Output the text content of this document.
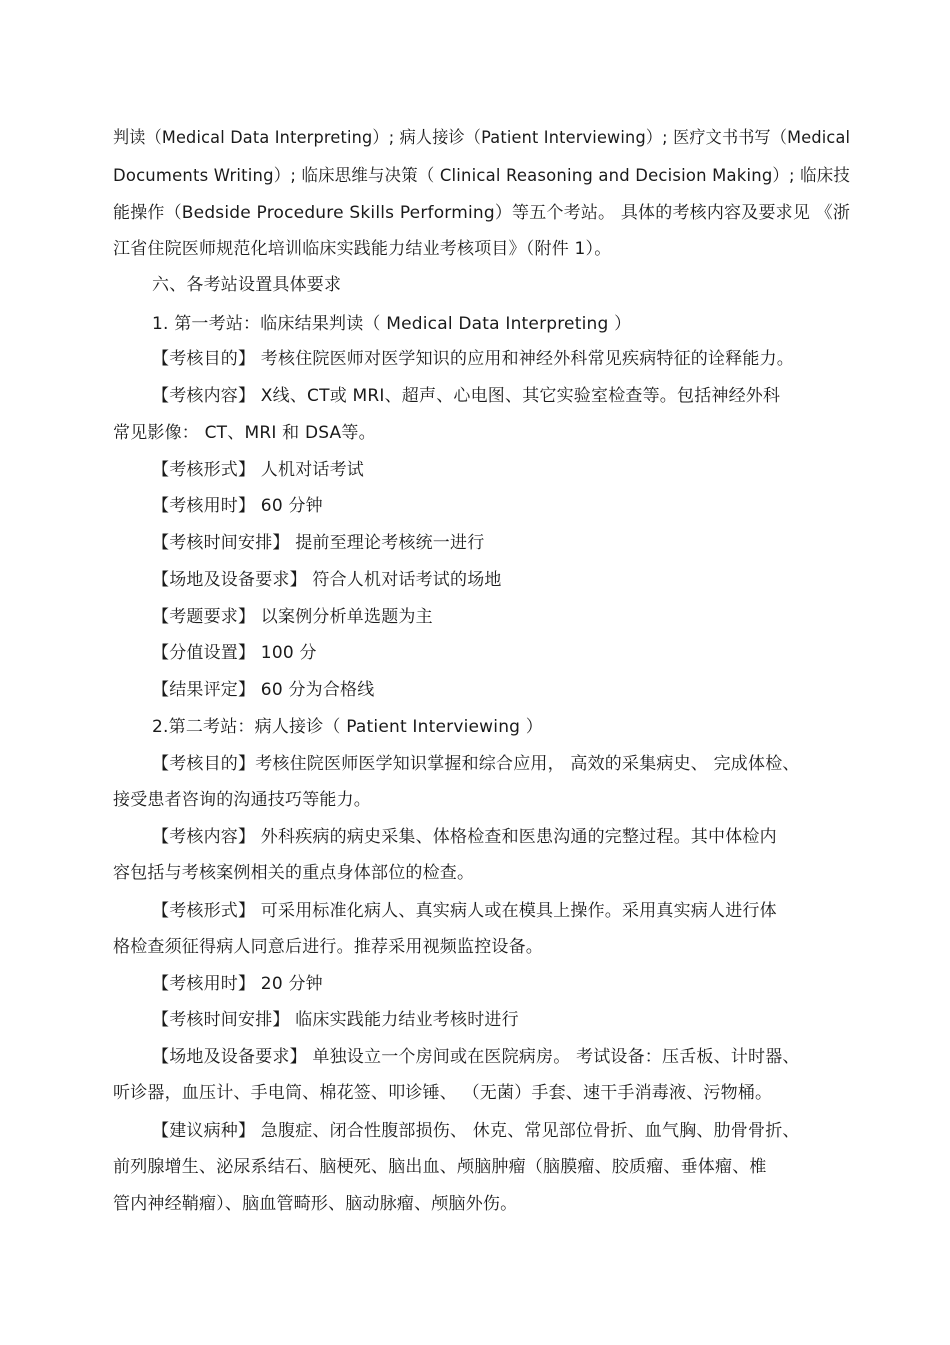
判读（Medical Data Interpreting）; 病人接诊（Patient Interviewing）; 医疗文书书写（Medical
Documents Writing）; 临床思维与决策（ Clinical Reasoning and Decision Making）; 临床技
能操作（Bedside Procedure Skills Performing）等五个考站。 具体的考核内容及要求见 《浙
江省住院医师规范化培训临床实践能力结业考核项目》（附件 1）。
六、各考站设置具体要求
1. 第一考站：临床结果判读（ Medical Data Interpreting ）
【考核目的】 考核住院医师对医学知识的应用和神经外科常见疾病特征的诠释能力。
【考核内容】 X线、CT或 MRI、超声、心电图、其它实验室检查等。包括神经外科
常见影像： CT、MRI 和 DSA等。
【考核形式】 人机对话考试
【考核用时】 60 分钟
【考核时间安排】 提前至理论考核统一进行
【场地及设备要求】 符合人机对话考试的场地
【考题要求】 以案例分析单选题为主
【分值设置】 100 分
【结果评定】 60 分为合格线
2.第二考站：病人接诊（ Patient Interviewing ）
【考核目的】考核住院医师医学知识掌握和综合应用， 高效的采集病史、 完成体检、
接受患者咨询的沟通技巧等能力。
【考核内容】 外科疾病的病史采集、体格检查和医患沟通的完整过程。其中体检内
容包括与考核案例相关的重点身体部位的检查。
【考核形式】 可采用标准化病人、真实病人或在模具上操作。采用真实病人进行体
格检查须征得病人同意后进行。推荐采用视频监控设备。
【考核用时】 20 分钟
【考核时间安排】 临床实践能力结业考核时进行
【场地及设备要求】 单独设立一个房间或在医院病房。 考试设备：压舌板、计时器、
听诊器，血压计、手电筒、棉花签、叩诊锤、 （无菌）手套、速干手消毒液、污物桶。
【建议病种】 急腹症、闭合性腹部损伤、 休克、常见部位骨折、血气胸、肋骨骨折、
前列腺增生、泌尿系结石、脑梗死、脑出血、颅脑肿瘤（脑膜瘤、胶质瘤、垂体瘤、椎
管内神经鞘瘤）、脑血管畸形、脑动脉瘤、颅脑外伤。
